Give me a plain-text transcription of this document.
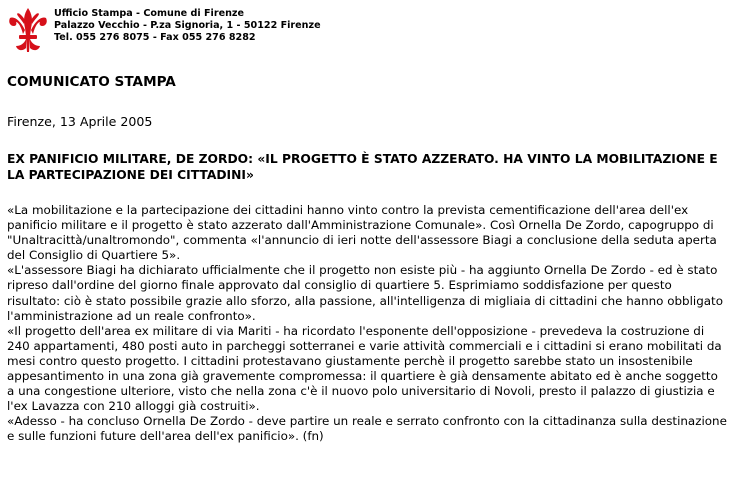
Ufficio Stampa - Comune di Firenze
Palazzo Vecchio - P.za Signoria, 1 - 50122 Firenze
Tel. 055 276 8075 - Fax 055 276 8282
COMUNICATO STAMPA
Firenze, 13 Aprile 2005
EX PANIFICIO MILITARE, DE ZORDO: «IL PROGETTO È STATO AZZERATO. HA VINTO LA MOBILITAZIONE E LA PARTECIPAZIONE DEI CITTADINI»

«La mobilitazione e la partecipazione dei cittadini hanno vinto contro la prevista cementificazione dell'area dell'ex panificio militare e il progetto è stato azzerato dall'Amministrazione Comunale». Così Ornella De Zordo, capogruppo di "Unaltracittà/unaltromondo", commenta «l'annuncio di ieri notte dell'assessore Biagi a conclusione della seduta aperta del Consiglio di Quartiere 5».

«L'assessore Biagi ha dichiarato ufficialmente che il progetto non esiste più - ha aggiunto Ornella De Zordo - ed è stato ripreso dall'ordine del giorno finale approvato dal consiglio di quartiere 5. Esprimiamo soddisfazione per questo risultato: ciò è stato possibile grazie allo sforzo, alla passione, all'intelligenza di migliaia di cittadini che hanno obbligato l'amministrazione ad un reale confronto».

«Il progetto dell'area ex militare di via Mariti - ha ricordato l'esponente dell'opposizione - prevedeva la costruzione di 240 appartamenti, 480 posti auto in parcheggi sotterranei e varie attività commerciali e i cittadini si erano mobilitati da mesi contro questo progetto. I cittadini protestavano giustamente perchè il progetto sarebbe stato un insostenibile appesantimento in una zona già gravemente compromessa: il quartiere è già densamente abitato ed è anche soggetto a una congestione ulteriore, visto che nella zona c'è il nuovo polo universitario di Novoli, presto il palazzo di giustizia e l'ex Lavazza con 210 alloggi già costruiti».

«Adesso - ha concluso Ornella De Zordo - deve partire un reale e serrato confronto con la cittadinanza sulla destinazione e sulle funzioni future dell'area dell'ex panificio». (fn)
